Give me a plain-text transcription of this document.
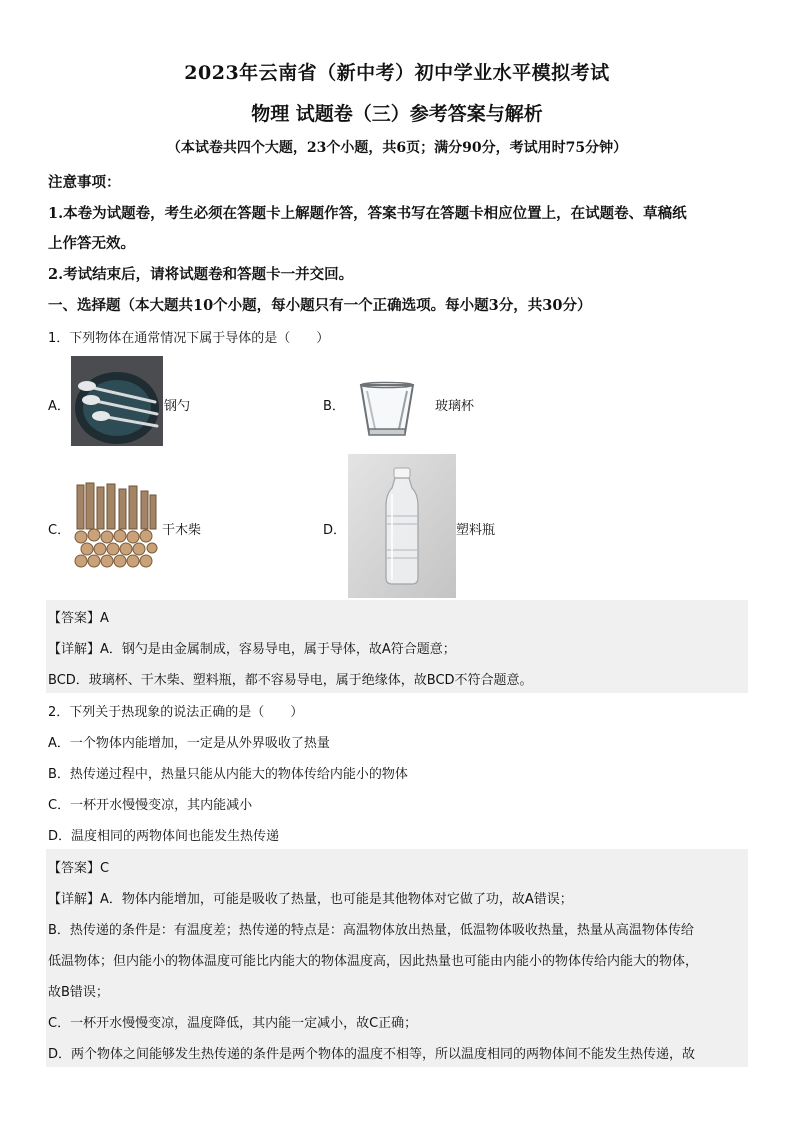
2023年云南省（新中考）初中学业水平模拟考试
物理 试题卷（三）参考答案与解析
（本试卷共四个大题，23个小题，共6页；满分90分，考试用时75分钟）
注意事项：
1.本卷为试题卷，考生必须在答题卡上解题作答，答案书写在答题卡相应位置上，在试题卷、草稿纸
上作答无效。
2.考试结束后，请将试题卷和答题卡一并交回。
一、选择题（本大题共10个小题，每小题只有一个正确选项。每小题3分，共30分）
1．下列物体在通常情况下属于导体的是（　　）
A．	钢勺	B．	玻璃杯
C．	干木柴	D．	塑料瓶
【答案】A
【详解】A．钢勺是由金属制成，容易导电，属于导体，故A符合题意；
BCD．玻璃杯、干木柴、塑料瓶，都不容易导电，属于绝缘体，故BCD不符合题意。
2．下列关于热现象的说法正确的是（　　）
A．一个物体内能增加，一定是从外界吸收了热量
B．热传递过程中，热量只能从内能大的物体传给内能小的物体
C．一杯开水慢慢变凉，其内能减小
D．温度相同的两物体间也能发生热传递
【答案】C
【详解】A．物体内能增加，可能是吸收了热量，也可能是其他物体对它做了功，故A错误；
B．热传递的条件是：有温度差；热传递的特点是：高温物体放出热量，低温物体吸收热量，热量从高温物体传给
低温物体；但内能小的物体温度可能比内能大的物体温度高，因此热量也可能由内能小的物体传给内能大的物体，
故B错误；
C．一杯开水慢慢变凉，温度降低，其内能一定减小，故C正确；
D．两个物体之间能够发生热传递的条件是两个物体的温度不相等，所以温度相同的两物体间不能发生热传递，故
